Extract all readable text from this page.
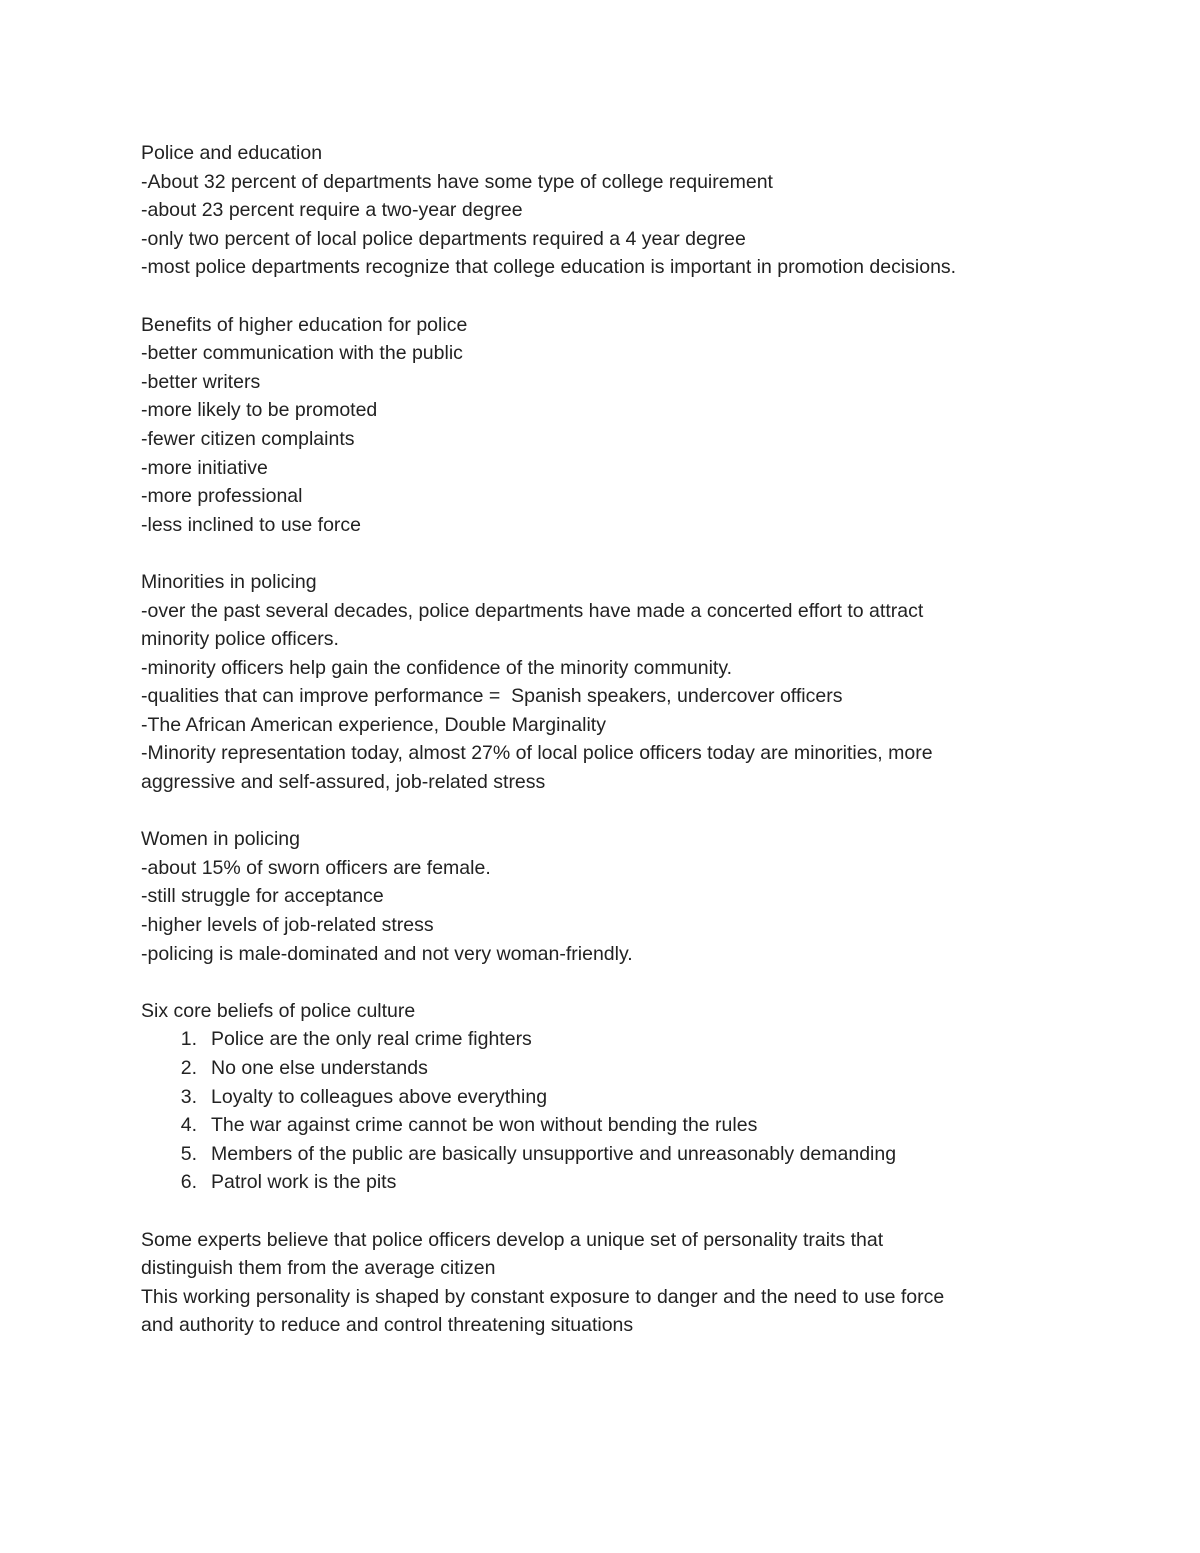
Police and education
-About 32 percent of departments have some type of college requirement
-about 23 percent require a two-year degree
-only two percent of local police departments required a 4 year degree
-most police departments recognize that college education is important in promotion decisions.
Benefits of higher education for police
-better communication with the public
-better writers
-more likely to be promoted
-fewer citizen complaints
-more initiative
-more professional
-less inclined to use force
Minorities in policing
-over the past several decades, police departments have made a concerted effort to attract
minority police officers.
-minority officers help gain the confidence of the minority community.
-qualities that can improve performance =  Spanish speakers, undercover officers
-The African American experience, Double Marginality
-Minority representation today, almost 27% of local police officers today are minorities, more
aggressive and self-assured, job-related stress
Women in policing
-about 15% of sworn officers are female.
-still struggle for acceptance
-higher levels of job-related stress
-policing is male-dominated and not very woman-friendly.
Six core beliefs of police culture
1. Police are the only real crime fighters
2. No one else understands
3. Loyalty to colleagues above everything
4. The war against crime cannot be won without bending the rules
5. Members of the public are basically unsupportive and unreasonably demanding
6. Patrol work is the pits
Some experts believe that police officers develop a unique set of personality traits that
distinguish them from the average citizen
This working personality is shaped by constant exposure to danger and the need to use force
and authority to reduce and control threatening situations
